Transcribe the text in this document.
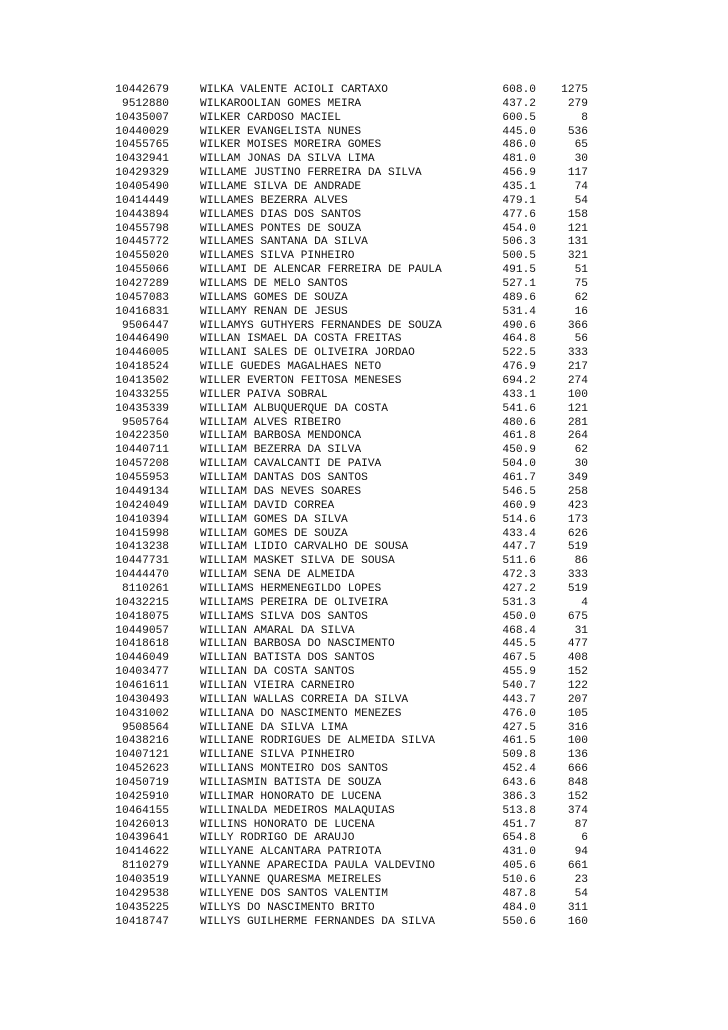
10442679	WILKA VALENTE ACIOLI CARTAXO	608.0	1275
9512880	WILKAROOLIAN GOMES MEIRA	437.2	279
10435007	WILKER CARDOSO MACIEL	600.5	8
10440029	WILKER EVANGELISTA NUNES	445.0	536
10455765	WILKER MOISES MOREIRA GOMES	486.0	65
10432941	WILLAM JONAS DA SILVA LIMA	481.0	30
10429329	WILLAME JUSTINO FERREIRA DA SILVA	456.9	117
10405490	WILLAME SILVA DE ANDRADE	435.1	74
10414449	WILLAMES BEZERRA ALVES	479.1	54
10443894	WILLAMES DIAS DOS SANTOS	477.6	158
10455798	WILLAMES PONTES DE SOUZA	454.0	121
10445772	WILLAMES SANTANA DA SILVA	506.3	131
10455020	WILLAMES SILVA PINHEIRO	500.5	321
10455066	WILLAMI DE ALENCAR FERREIRA DE PAULA	491.5	51
10427289	WILLAMS DE MELO SANTOS	527.1	75
10457083	WILLAMS GOMES DE SOUZA	489.6	62
10416831	WILLAMY RENAN DE JESUS	531.4	16
9506447	WILLAMYS GUTHYERS FERNANDES DE SOUZA	490.6	366
10446490	WILLAN ISMAEL DA COSTA FREITAS	464.8	56
10446005	WILLANI SALES DE OLIVEIRA JORDAO	522.5	333
10418524	WILLE GUEDES MAGALHAES NETO	476.9	217
10413502	WILLER EVERTON FEITOSA MENESES	694.2	274
10433255	WILLER PAIVA SOBRAL	433.1	100
10435339	WILLIAM ALBUQUERQUE DA COSTA	541.6	121
9505764	WILLIAM ALVES RIBEIRO	480.6	281
10422350	WILLIAM BARBOSA MENDONCA	461.8	264
10440711	WILLIAM BEZERRA DA SILVA	450.9	62
10457208	WILLIAM CAVALCANTI DE PAIVA	504.0	30
10455953	WILLIAM DANTAS DOS SANTOS	461.7	349
10449134	WILLIAM DAS NEVES SOARES	546.5	258
10424049	WILLIAM DAVID CORREA	460.9	423
10410394	WILLIAM GOMES DA SILVA	514.6	173
10415998	WILLIAM GOMES DE SOUZA	433.4	626
10413238	WILLIAM LIDIO CARVALHO DE SOUSA	447.7	519
10447731	WILLIAM MASKET SILVA DE SOUSA	511.6	86
10444470	WILLIAM SENA DE ALMEIDA	472.3	333
8110261	WILLIAMS HERMENEGILDO LOPES	427.2	519
10432215	WILLIAMS PEREIRA DE OLIVEIRA	531.3	4
10418075	WILLIAMS SILVA DOS SANTOS	450.0	675
10449057	WILLIAN AMARAL DA SILVA	468.4	31
10418618	WILLIAN BARBOSA DO NASCIMENTO	445.5	477
10446049	WILLIAN BATISTA DOS SANTOS	467.5	408
10403477	WILLIAN DA COSTA SANTOS	455.9	152
10461611	WILLIAN VIEIRA CARNEIRO	540.7	122
10430493	WILLIAN WALLAS CORREIA DA SILVA	443.7	207
10431002	WILLIANA DO NASCIMENTO MENEZES	476.0	105
9508564	WILLIANE DA SILVA LIMA	427.5	316
10438216	WILLIANE RODRIGUES DE ALMEIDA SILVA	461.5	100
10407121	WILLIANE SILVA PINHEIRO	509.8	136
10452623	WILLIANS MONTEIRO DOS SANTOS	452.4	666
10450719	WILLIASMIN BATISTA DE SOUZA	643.6	848
10425910	WILLIMAR HONORATO DE LUCENA	386.3	152
10464155	WILLINALDA MEDEIROS MALAQUIAS	513.8	374
10426013	WILLINS HONORATO DE LUCENA	451.7	87
10439641	WILLY RODRIGO DE ARAUJO	654.8	6
10414622	WILLYANE ALCANTARA PATRIOTA	431.0	94
8110279	WILLYANNE APARECIDA PAULA VALDEVINO	405.6	661
10403519	WILLYANNE QUARESMA MEIRELES	510.6	23
10429538	WILLYENE DOS SANTOS VALENTIM	487.8	54
10435225	WILLYS DO NASCIMENTO BRITO	484.0	311
10418747	WILLYS GUILHERME FERNANDES DA SILVA	550.6	160
